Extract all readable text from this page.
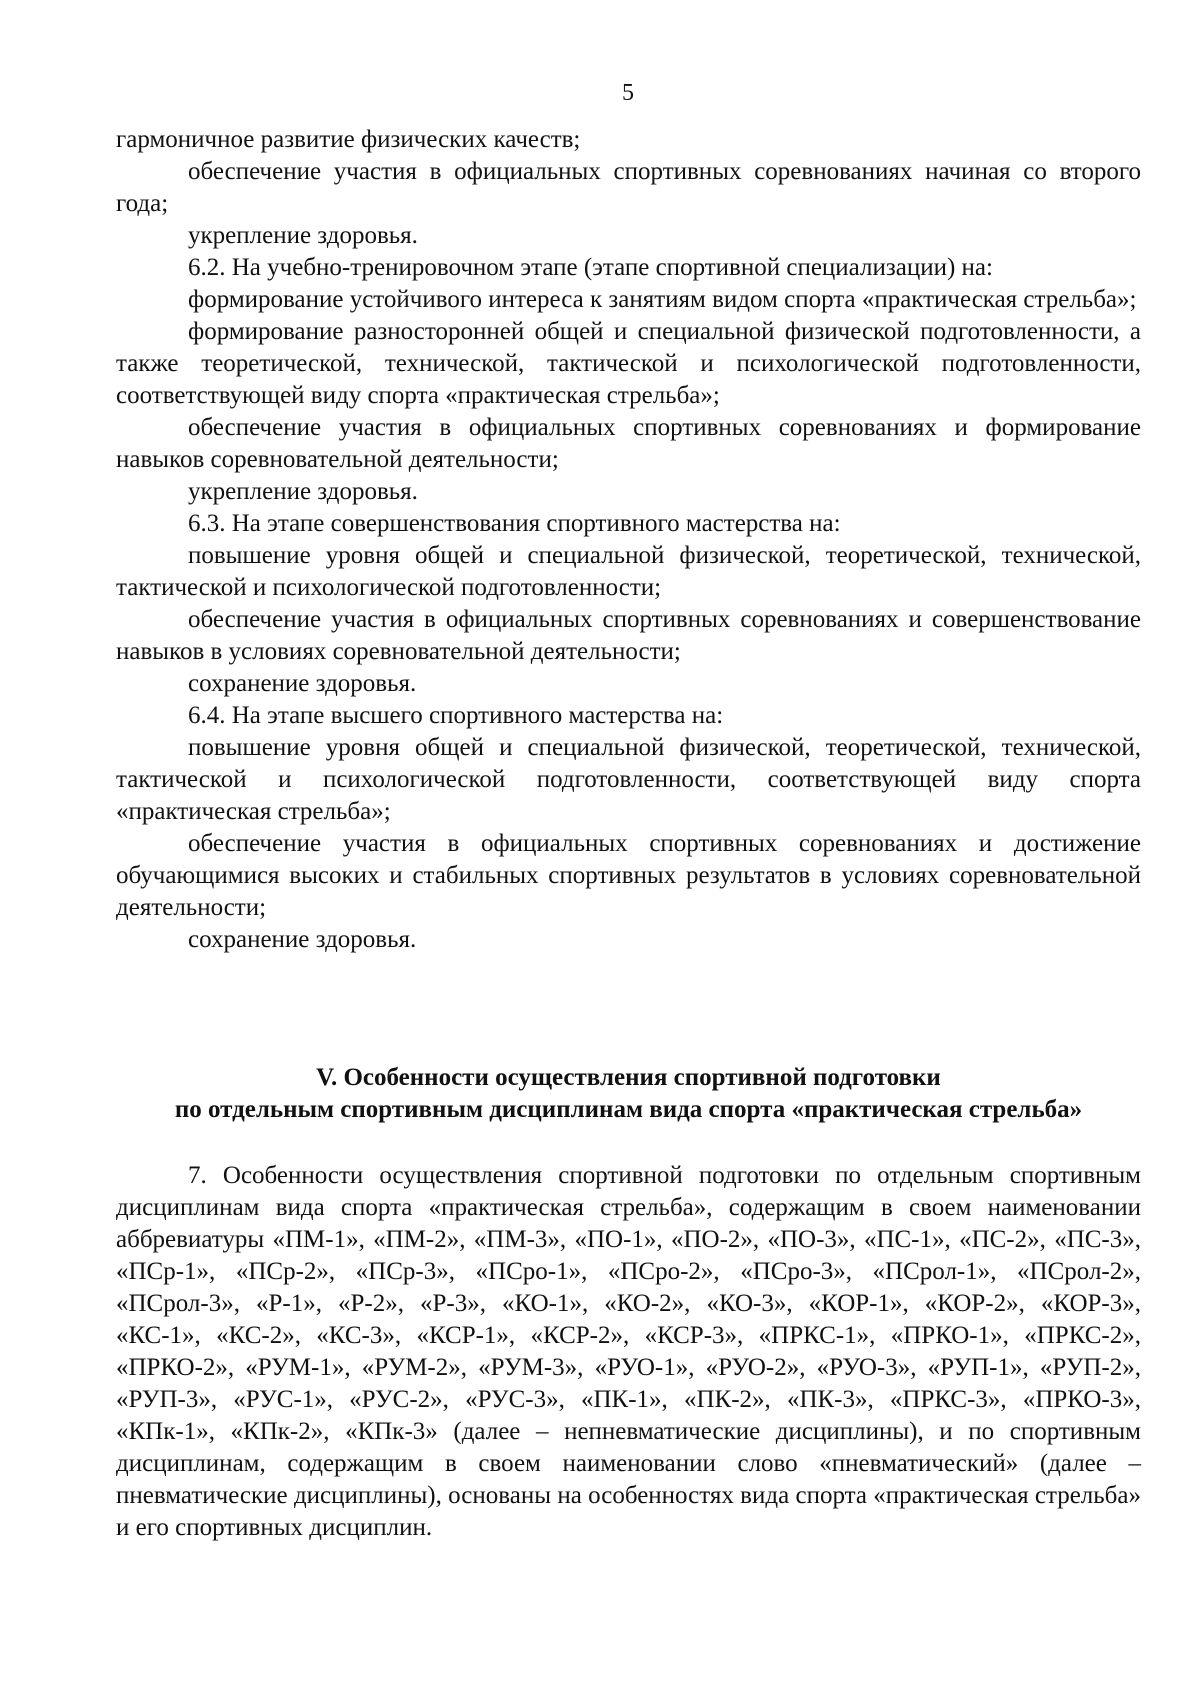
5

гармоничное развитие физических качеств;

обеспечение участия в официальных спортивных соревнованиях начиная со второго года;

укрепление здоровья.

6.2. На учебно-тренировочном этапе (этапе спортивной специализации) на:

формирование устойчивого интереса к занятиям видом спорта «практическая стрельба»;

формирование разносторонней общей и специальной физической подготовленности, а также теоретической, технической, тактической и психологической подготовленности, соответствующей виду спорта «практическая стрельба»;

обеспечение участия в официальных спортивных соревнованиях и формирование навыков соревновательной деятельности;

укрепление здоровья.

6.3. На этапе совершенствования спортивного мастерства на:

повышение уровня общей и специальной физической, теоретической, технической, тактической и психологической подготовленности;

обеспечение участия в официальных спортивных соревнованиях и совершенствование навыков в условиях соревновательной деятельности;

сохранение здоровья.

6.4. На этапе высшего спортивного мастерства на:

повышение уровня общей и специальной физической, теоретической, технической, тактической и психологической подготовленности, соответствующей виду спорта «практическая стрельба»;

обеспечение участия в официальных спортивных соревнованиях и достижение обучающимися высоких и стабильных спортивных результатов в условиях соревновательной деятельности;

сохранение здоровья.

V. Особенности осуществления спортивной подготовки
по отдельным спортивным дисциплинам вида спорта «практическая стрельба»

7. Особенности осуществления спортивной подготовки по отдельным спортивным дисциплинам вида спорта «практическая стрельба», содержащим в своем наименовании аббревиатуры «ПМ-1», «ПМ-2», «ПМ-3», «ПО-1», «ПО-2», «ПО-3», «ПС-1», «ПС-2», «ПС-3», «ПСр-1», «ПСр-2», «ПСр-3», «ПСро-1», «ПСро-2», «ПСро-3», «ПСрол-1», «ПСрол-2», «ПСрол-3», «Р-1», «Р-2», «Р-3», «КО-1», «КО-2», «КО-3», «КОР-1», «КОР-2», «КОР-3», «КС-1», «КС-2», «КС-3», «КСР-1», «КСР-2», «КСР-3», «ПРКС-1», «ПРКО-1», «ПРКС-2», «ПРКО-2», «РУМ-1», «РУМ-2», «РУМ-3», «РУО-1», «РУО-2», «РУО-3», «РУП-1», «РУП-2», «РУП-3», «РУС-1», «РУС-2», «РУС-3», «ПК-1», «ПК-2», «ПК-3», «ПРКС-3», «ПРКО-3», «КПк-1», «КПк-2», «КПк-3» (далее – непневматические дисциплины), и по спортивным дисциплинам, содержащим в своем наименовании слово «пневматический» (далее – пневматические дисциплины), основаны на особенностях вида спорта «практическая стрельба» и его спортивных дисциплин.
